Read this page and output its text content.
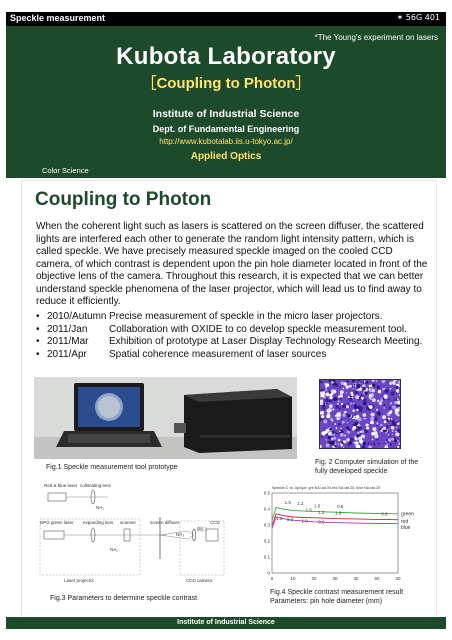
Speckle measurement	✶ 56G 401
*The Young's experiment on lasers
Kubota Laboratory
［Coupling to Photon］
Institute of Industrial Science
Dept. of Fundamental Engineering
http://www.kubotalab.iis.u-tokyo.ac.jp/
Applied Optics
Color Science
Coupling to Photon

When the coherent light such as lasers is scattered on the screen diffuser, the scattered lights are interfered each other to generate the random light intensity pattern, which is called speckle. We have precisely measured speckle imaged on the cooled CCD camera, of which contrast is dependent upon the pin hole diameter located in front of the objective lens of the camera. Throughout this research, it is expected that we can better understand speckle phenomena of the laser projector, which will lead us to find away to reduce it efficiently.

• 2010/Autumn Precise measurement of speckle in the micro laser projectors.
• 2011/Jan Collaboration with OXIDE to co develop speckle measurement tool.
• 2011/Mar Exhibition of prototype at Laser Display Technology Research Meeting.
• 2011/Apr Spatial coherence measurement of laser sources
Fig.1 Speckle measurement tool prototype
Fig. 2 Computer simulation of the
fully developed speckle
Red & blue laser collimating lens
NA₁
DPG green laser expanding lens scanner	screen diffuser	CCD
NA₃
開口
NA₂
Laser projector	CCD camera
Fig.3 Parameters to determine speckle contrast
Speckle C vs. Ap/Ape, gre NA=ad.0ß,red NA=ad.25, blue NA=ad.25
0	10	20	30	40	50	60
0
0.1
0.2
0.3
0.4
0.5
green
red
blue
1.5 1.2 1.0	0.8
1.5 1.2 1.0	0.8
1.5 1.2 1.0 0.6
Fig.4 Speckle contrast measurement result
Parameters: pin hole diameter (mm)
Institute of Industrial Science
